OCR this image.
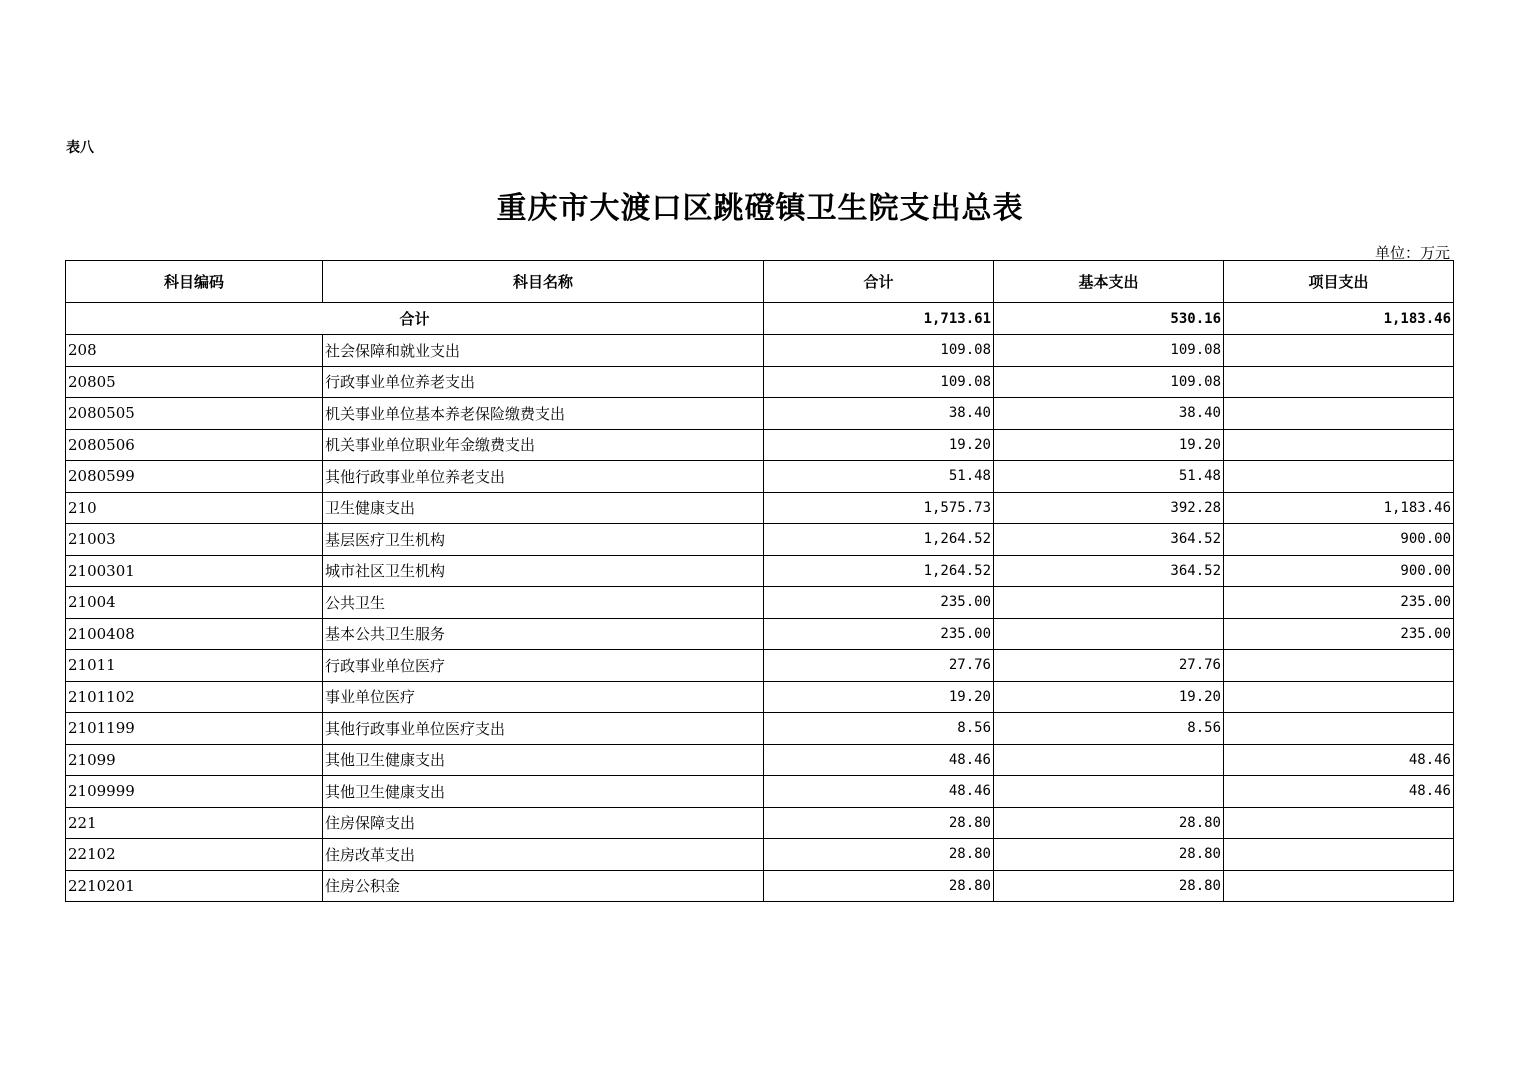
表八
重庆市大渡口区跳磴镇卫生院支出总表
单位：万元
科目编码	科目名称	合计	基本支出	项目支出
合计		1,713.61	530.16	1,183.46
208	社会保障和就业支出	109.08	109.08	
20805	行政事业单位养老支出	109.08	109.08	
2080505	机关事业单位基本养老保险缴费支出	38.40	38.40	
2080506	机关事业单位职业年金缴费支出	19.20	19.20	
2080599	其他行政事业单位养老支出	51.48	51.48	
210	卫生健康支出	1,575.73	392.28	1,183.46
21003	基层医疗卫生机构	1,264.52	364.52	900.00
2100301	城市社区卫生机构	1,264.52	364.52	900.00
21004	公共卫生	235.00		235.00
2100408	基本公共卫生服务	235.00		235.00
21011	行政事业单位医疗	27.76	27.76	
2101102	事业单位医疗	19.20	19.20	
2101199	其他行政事业单位医疗支出	8.56	8.56	
21099	其他卫生健康支出	48.46		48.46
2109999	其他卫生健康支出	48.46		48.46
221	住房保障支出	28.80	28.80	
22102	住房改革支出	28.80	28.80	
2210201	住房公积金	28.80	28.80	
